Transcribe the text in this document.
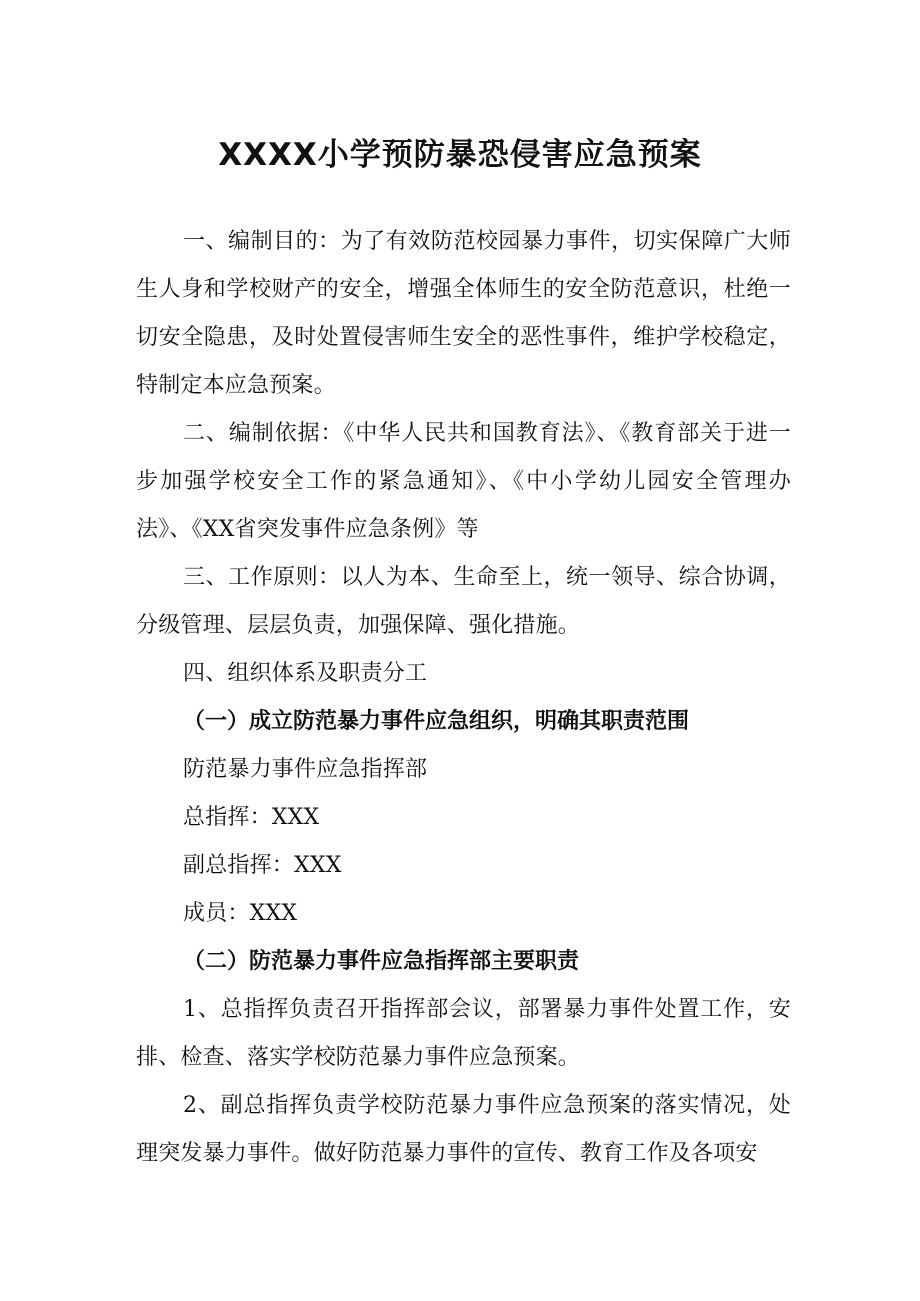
XXXX小学预防暴恐侵害应急预案

一、编制目的：为了有效防范校园暴力事件，切实保障广大师生人身和学校财产的安全，增强全体师生的安全防范意识，杜绝一切安全隐患，及时处置侵害师生安全的恶性事件，维护学校稳定，特制定本应急预案。

二、编制依据：《中华人民共和国教育法》、《教育部关于进一步加强学校安全工作的紧急通知》、《中小学幼儿园安全管理办法》、《XX省突发事件应急条例》等

三、工作原则：以人为本、生命至上，统一领导、综合协调，分级管理、层层负责，加强保障、强化措施。

四、组织体系及职责分工

（一）成立防范暴力事件应急组织，明确其职责范围

防范暴力事件应急指挥部

总指挥：XXX

副总指挥：XXX

成员：XXX

（二）防范暴力事件应急指挥部主要职责

1、总指挥负责召开指挥部会议，部署暴力事件处置工作，安排、检查、落实学校防范暴力事件应急预案。

2、副总指挥负责学校防范暴力事件应急预案的落实情况，处理突发暴力事件。做好防范暴力事件的宣传、教育工作及各项安
